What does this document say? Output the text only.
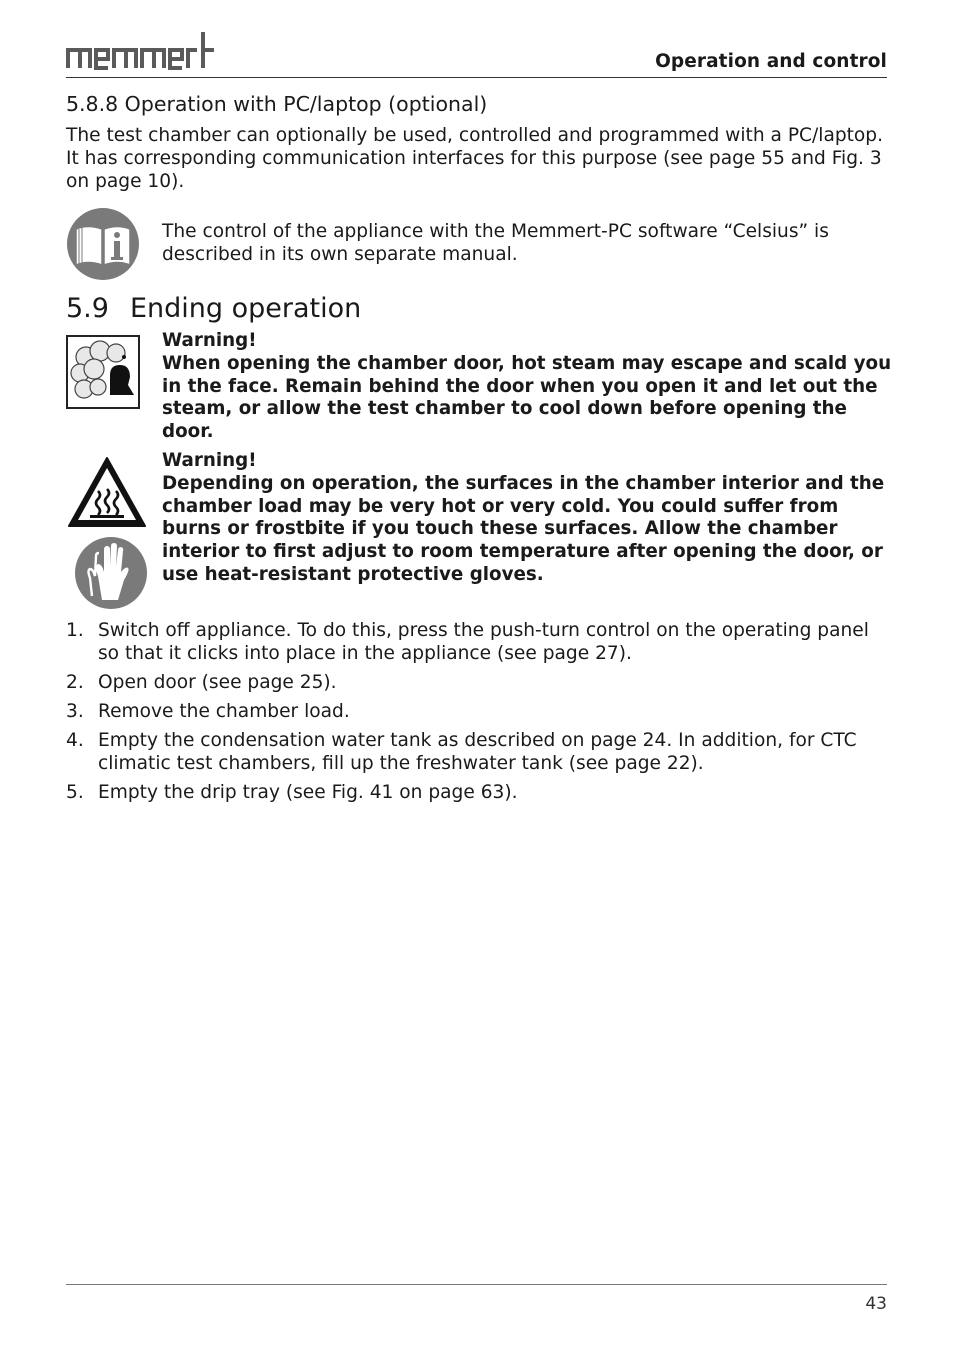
Operation and control
5.8.8 Operation with PC/laptop (optional)

The test chamber can optionally be used, controlled and programmed with a PC/laptop. It has corresponding communication interfaces for this purpose (see page 55 and Fig. 3 on page 10).

The control of the appliance with the Memmert-PC software “Celsius” is described in its own separate manual.

5.9 Ending operation
Warning!
When opening the chamber door, hot steam may escape and scald you in the face. Remain behind the door when you open it and let out the steam, or allow the test chamber to cool down before opening the door.
Warning!
Depending on operation, the surfaces in the chamber interior and the chamber load may be very hot or very cold. You could suffer from burns or frostbite if you touch these surfaces. Allow the chamber interior to first adjust to room temperature after opening the door, or use heat-resistant protective gloves.
1. Switch off appliance. To do this, press the push-turn control on the operating panel so that it clicks into place in the appliance (see page 27).
2. Open door (see page 25).
3. Remove the chamber load.
4. Empty the condensation water tank as described on page 24. In addition, for CTC climatic test chambers, fill up the freshwater tank (see page 22).
5. Empty the drip tray (see Fig. 41 on page 63).
43
